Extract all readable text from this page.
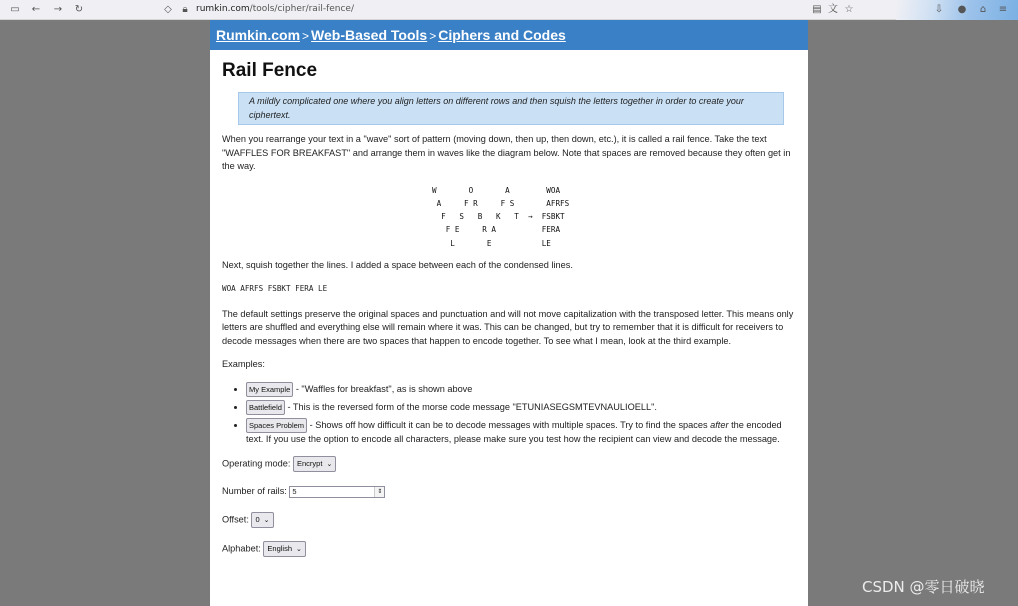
▭ ← → ↻	◇	🔒︎ rumkin.com/tools/cipher/rail-fence/	▤ 文 ☆	⇩ ●	⌂	≡
Rumkin.com > Web-Based Tools > Ciphers and Codes
Rail Fence
A mildly complicated one where you align letters on different rows and then squish the letters together in order to create your ciphertext.

When you rearrange your text in a "wave" sort of pattern (moving down, then up, then down, etc.), it is called a rail fence. Take the text "WAFFLES FOR BREAKFAST" and arrange them in waves like the diagram below. Note that spaces are removed because they often get in the way.

W       O       A        WOA
A     F R     F S       AFRFS
F   S   B   K   T  →  FSBKT
F E     R A          FERA
L       E           LE

Next, squish together the lines. I added a space between each of the condensed lines.

WOA AFRFS FSBKT FERA LE

The default settings preserve the original spaces and punctuation and will not move capitalization with the transposed letter. This means only letters are shuffled and everything else will remain where it was. This can be changed, but try to remember that it is difficult for receivers to decode messages when there are two spaces that happen to encode together. To see what I mean, look at the third example.

Examples:

• My Example - "Waffles for breakfast", as is shown above
• Battlefield - This is the reversed form of the morse code message "ETUNIASEGSMTEVNAULIOELL".
• Spaces Problem - Shows off how difficult it can be to decode messages with multiple spaces. Try to find the spaces after the encoded text. If you use the option to encode all characters, please make sure you test how the recipient can view and decode the message.
Operating mode: Encrypt ⌄
Number of rails: 5	⇕
Offset: 0 ⌄
Alphabet: English ⌄
CSDN @零日破晓
